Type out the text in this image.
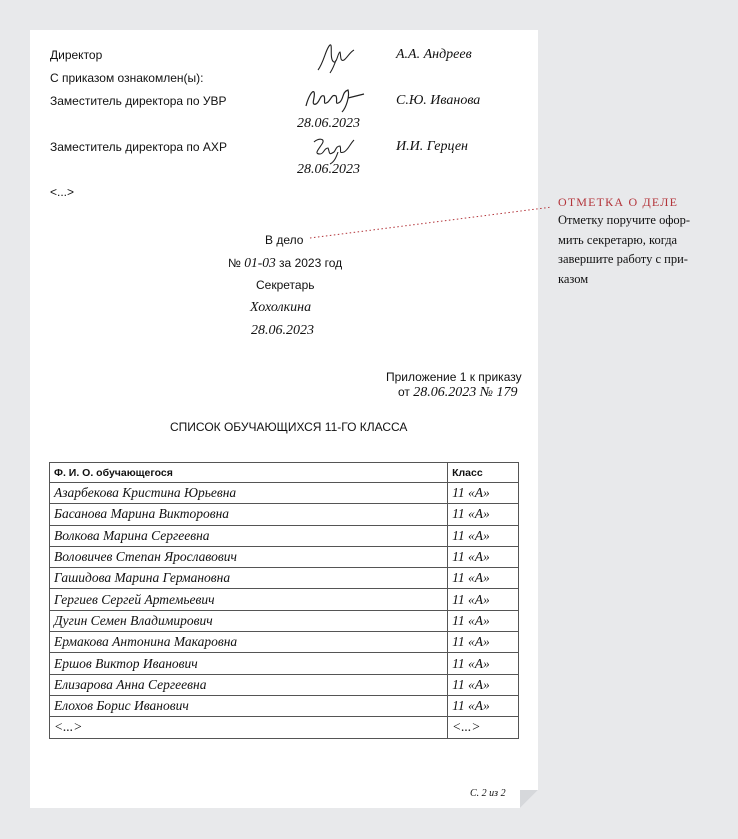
Директор	А.А. Андреев
С приказом ознакомлен(ы):
Заместитель директора по УВР	С.Ю. Иванова
28.06.2023
Заместитель директора по АХР	И.И. Герцен
28.06.2023
<...>
В дело
№ 01-03 за 2023 год
Секретарь
Хохолкина
28.06.2023
Приложение 1 к приказу
от 28.06.2023 № 179
СПИСОК ОБУЧАЮЩИХСЯ 11-ГО КЛАССА
Ф. И. О. обучающегося	Класс
Азарбекова Кристина Юрьевна	11 «А»
Басанова Марина Викторовна	11 «А»
Волкова Марина Сергеевна	11 «А»
Воловичев Степан Ярославович	11 «А»
Гашидова Марина Германовна	11 «А»
Гергиев Сергей Артемьевич	11 «А»
Дугин Семен Владимирович	11 «А»
Ермакова Антонина Макаровна	11 «А»
Ершов Виктор Иванович	11 «А»
Елизарова Анна Сергеевна	11 «А»
Елохов Борис Иванович	11 «А»
<...>	<...>
ОТМЕТКА О ДЕЛЕ
Отметку поручите офор-
мить секретарю, когда
завершите работу с при-
казом
С. 2 из 2
